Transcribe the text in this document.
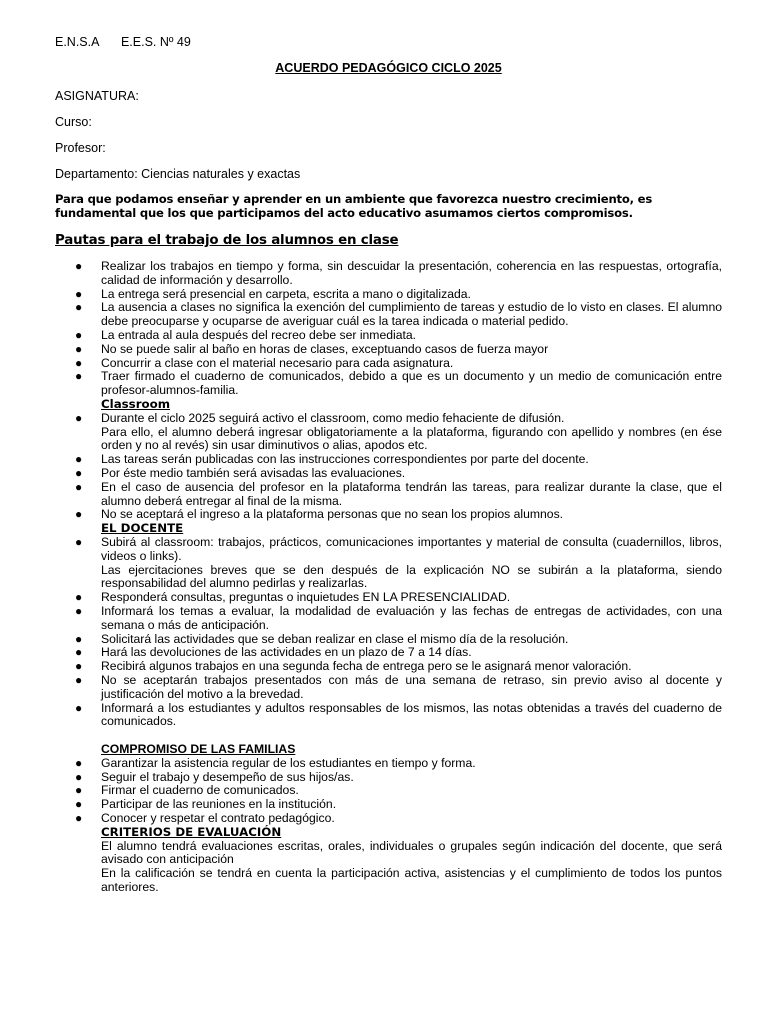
E.N.S.A E.E.S. Nº 49
ACUERDO PEDAGÓGICO CICLO 2025
ASIGNATURA:
Curso:
Profesor:
Departamento: Ciencias naturales y exactas
Para que podamos enseñar y aprender en un ambiente que favorezca nuestro crecimiento, es fundamental que los que participamos del acto educativo asumamos ciertos compromisos.
Pautas para el trabajo de los alumnos en clase
● Realizar los trabajos en tiempo y forma, sin descuidar la presentación, coherencia en las respuestas, ortografía, calidad de información y desarrollo.
● La entrega será presencial en carpeta, escrita a mano o digitalizada.
● La ausencia a clases no significa la exención del cumplimiento de tareas y estudio de lo visto en clases. El alumno debe preocuparse y ocuparse de averiguar cuál es la tarea indicada o material pedido.
● La entrada al aula después del recreo debe ser inmediata.
● No se puede salir al baño en horas de clases, exceptuando casos de fuerza mayor
● Concurrir a clase con el material necesario para cada asignatura.
● Traer firmado el cuaderno de comunicados, debido a que es un documento y un medio de comunicación entre profesor-alumnos-familia.
Classroom
● Durante el ciclo 2025 seguirá activo el classroom, como medio fehaciente de difusión.
Para ello, el alumno deberá ingresar obligatoriamente a la plataforma, figurando con apellido y nombres (en ése orden y no al revés) sin usar diminutivos o alias, apodos etc.
● Las tareas serán publicadas con las instrucciones correspondientes por parte del docente.
● Por éste medio también será avisadas las evaluaciones.
● En el caso de ausencia del profesor en la plataforma tendrán las tareas, para realizar durante la clase, que el alumno deberá entregar al final de la misma.
● No se aceptará el ingreso a la plataforma personas que no sean los propios alumnos.
EL DOCENTE
● Subirá al classroom: trabajos, prácticos, comunicaciones importantes y material de consulta (cuadernillos, libros, videos o links).
Las ejercitaciones breves que se den después de la explicación NO se subirán a la plataforma, siendo responsabilidad del alumno pedirlas y realizarlas.
● Responderá consultas, preguntas o inquietudes EN LA PRESENCIALIDAD.
● Informará los temas a evaluar, la modalidad de evaluación y las fechas de entregas de actividades, con una semana o más de anticipación.
● Solicitará las actividades que se deban realizar en clase el mismo día de la resolución.
● Hará las devoluciones de las actividades en un plazo de 7 a 14 días.
● Recibirá algunos trabajos en una segunda fecha de entrega pero se le asignará menor valoración.
● No se aceptarán trabajos presentados con más de una semana de retraso, sin previo aviso al docente y justificación del motivo a la brevedad.
● Informará a los estudiantes y adultos responsables de los mismos, las notas obtenidas a través del cuaderno de comunicados.
COMPROMISO DE LAS FAMILIAS
● Garantizar la asistencia regular de los estudiantes en tiempo y forma.
● Seguir el trabajo y desempeño de sus hijos/as.
● Firmar el cuaderno de comunicados.
● Participar de las reuniones en la institución.
● Conocer y respetar el contrato pedagógico.
CRITERIOS DE EVALUACIÓN
El alumno tendrá evaluaciones escritas, orales, individuales o grupales según indicación del docente, que será avisado con anticipación
En la calificación se tendrá en cuenta la participación activa, asistencias y el cumplimiento de todos los puntos anteriores.
